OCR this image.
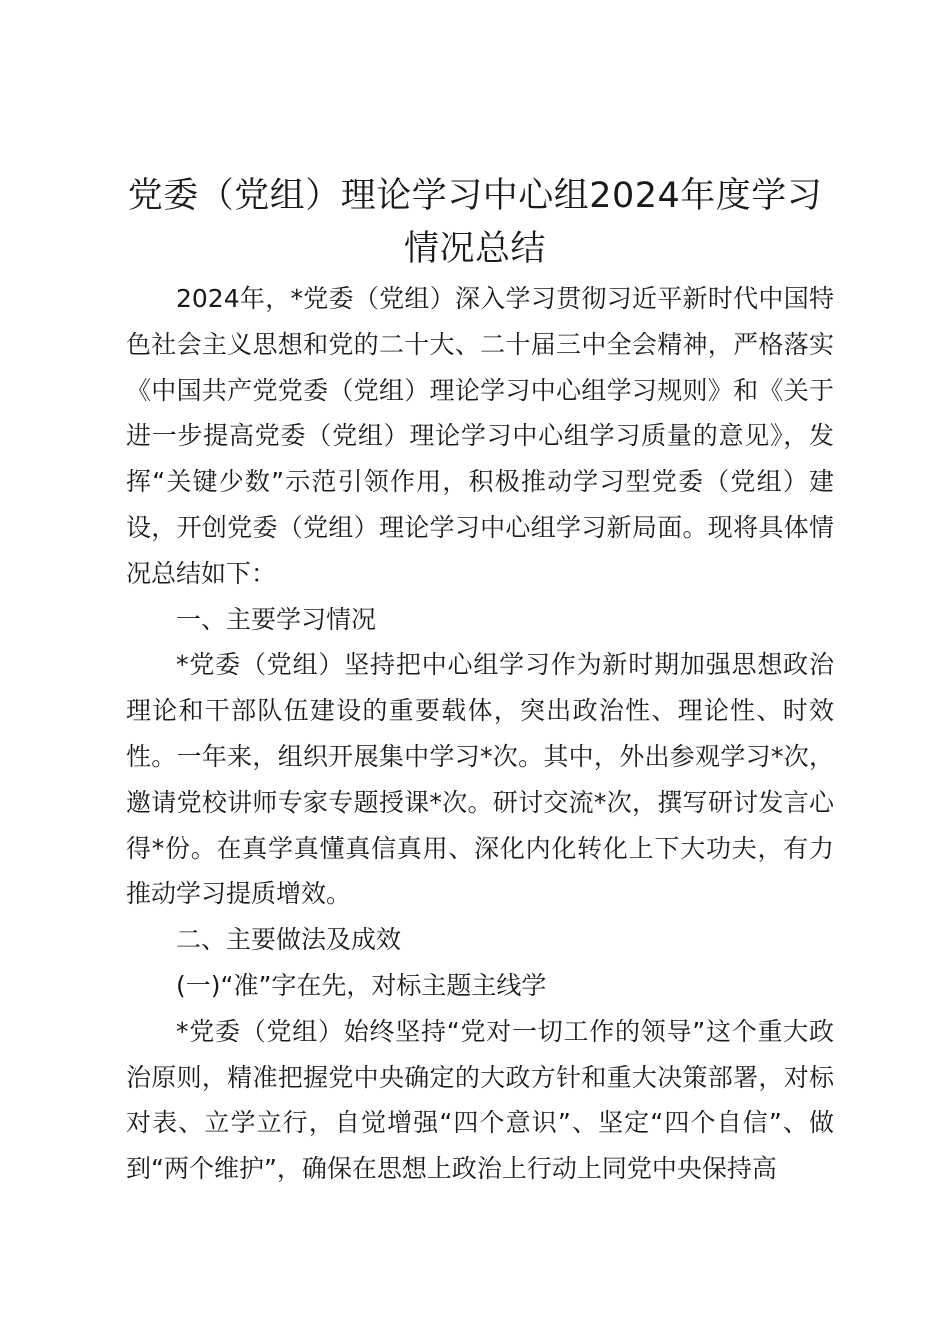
党委（党组）理论学习中心组2024年度学习情况总结

2024年，*党委（党组）深入学习贯彻习近平新时代中国特色社会主义思想和党的二十大、二十届三中全会精神，严格落实《中国共产党党委（党组）理论学习中心组学习规则》和《关于进一步提高党委（党组）理论学习中心组学习质量的意见》，发挥“关键少数”示范引领作用，积极推动学习型党委（党组）建设，开创党委（党组）理论学习中心组学习新局面。现将具体情况总结如下：

一、主要学习情况

*党委（党组）坚持把中心组学习作为新时期加强思想政治理论和干部队伍建设的重要载体，突出政治性、理论性、时效性。一年来，组织开展集中学习*次。其中，外出参观学习*次，邀请党校讲师专家专题授课*次。研讨交流*次，撰写研讨发言心得*份。在真学真懂真信真用、深化内化转化上下大功夫，有力推动学习提质增效。

二、主要做法及成效

(一)“准”字在先，对标主题主线学

*党委（党组）始终坚持“党对一切工作的领导”这个重大政治原则，精准把握党中央确定的大政方针和重大决策部署，对标对表、立学立行，自觉增强“四个意识”、坚定“四个自信”、做到“两个维护”，确保在思想上政治上行动上同党中央保持高
